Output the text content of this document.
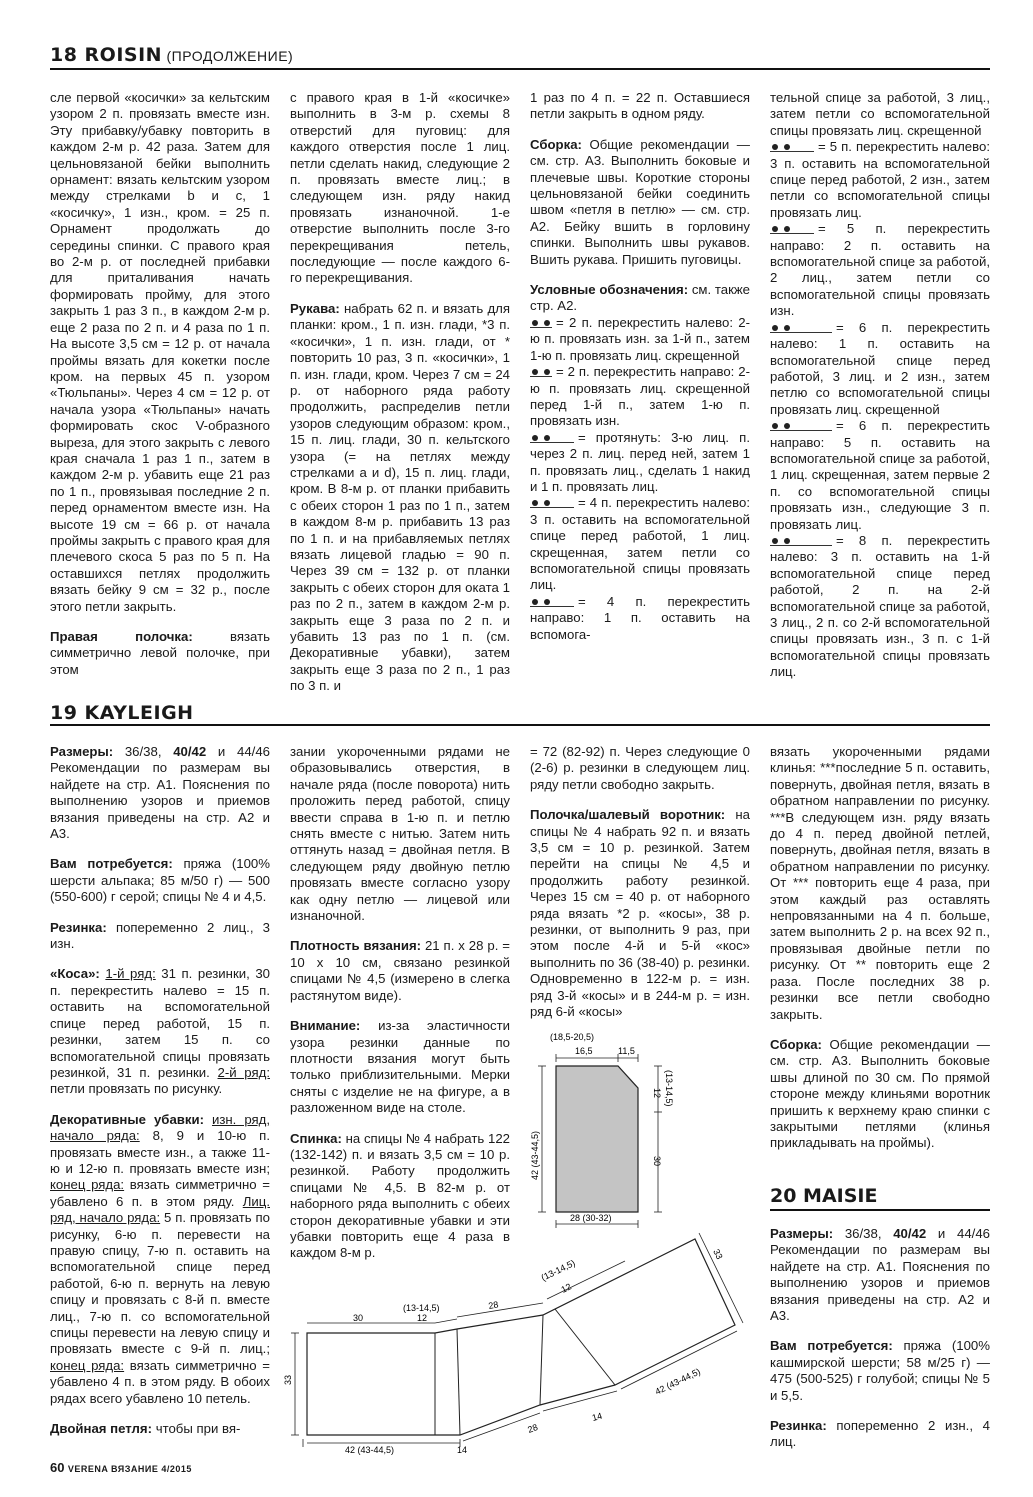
18 ROISIN (ПРОДОЛЖЕНИЕ)

сле первой «косички» за кельтским узором 2 п. провязать вместе изн. Эту прибавку/убавку повторить в каждом 2-м р. 42 раза. Затем для цельновязаной бейки выполнить орнамент: вязать кельтским узором между стрелками b и c, 1 «косичку», 1 изн., кром. = 25 п. Орнамент продолжать до середины спинки. С правого края во 2-м р. от последней прибавки для приталивания начать формировать пройму, для этого закрыть 1 раз 3 п., в каждом 2-м р. еще 2 раза по 2 п. и 4 раза по 1 п. На высоте 3,5 см = 12 р. от начала проймы вязать для кокетки после кром. на первых 45 п. узором «Тюльпаны». Через 4 см = 12 р. от начала узора «Тюльпаны» начать формировать скос V-образного выреза, для этого закрыть с левого края сначала 1 раз 1 п., затем в каждом 2-м р. убавить еще 21 раз по 1 п., провязывая последние 2 п. перед орнаментом вместе изн. На высоте 19 см = 66 р. от начала проймы закрыть с правого края для плечевого скоса 5 раз по 5 п. На оставшихся петлях продолжить вязать бейку 9 см = 32 р., после этого петли закрыть.

Правая полочка: вязать симметрично левой полочке, при этом

с правого края в 1-й «косичке» выполнить в 3-м р. схемы 8 отверстий для пуговиц: для каждого отверстия после 1 лиц. петли сделать накид, следующие 2 п. провязать вместе лиц.; в следующем изн. ряду накид провязать изнаночной. 1-е отверстие выполнить после 3-го перекрещивания петель, последующие — после каждого 6-го перекрещивания.

Рукава: набрать 62 п. и вязать для планки: кром., 1 п. изн. глади, *3 п. «косички», 1 п. изн. глади, от * повторить 10 раз, 3 п. «косички», 1 п. изн. глади, кром. Через 7 см = 24 р. от наборного ряда работу продолжить, распределив петли узоров следующим образом: кром., 15 п. лиц. глади, 30 п. кельтского узора (= на петлях между стрелками a и d), 15 п. лиц. глади, кром. В 8-м р. от планки прибавить с обеих сторон 1 раз по 1 п., затем в каждом 8-м р. прибавить 13 раз по 1 п. и на прибавляемых петлях вязать лицевой гладью = 90 п. Через 39 см = 132 р. от планки закрыть с обеих сторон для оката 1 раз по 2 п., затем в каждом 2-м р. закрыть еще 3 раза по 2 п. и убавить 13 раз по 1 п. (см. Декоративные убавки), затем закрыть еще 3 раза по 2 п., 1 раз по 3 п. и

1 раз по 4 п. = 22 п. Оставшиеся петли закрыть в одном ряду.

Сборка: Общие рекомендации — см. стр. А3. Выполнить боковые и плечевые швы. Короткие стороны цельновязаной бейки соединить швом «петля в петлю» — см. стр. А2. Бейку вшить в горловину спинки. Выполнить швы рукавов. Вшить рукава. Пришить пуговицы.

Условные обозначения: см. также стр. А2.

= 2 п. перекрестить налево: 2-ю п. провязать изн. за 1-й п., затем 1-ю п. провязать лиц. скрещенной

= 2 п. перекрестить направо: 2-ю п. провязать лиц. скрещенной перед 1-й п., затем 1-ю п. провязать изн.

= протянуть: 3-ю лиц. п. через 2 п. лиц. перед ней, затем 1 п. провязать лиц., сделать 1 накид и 1 п. провязать лиц.

= 4 п. перекрестить налево: 3 п. оставить на вспомогательной спице перед работой, 1 лиц. скрещенная, затем петли со вспомогательной спицы провязать лиц.

= 4 п. перекрестить направо: 1 п. оставить на вспомога-

тельной спице за работой, 3 лиц., затем петли со вспомогательной спицы провязать лиц. скрещенной

= 5 п. перекрестить налево: 3 п. оставить на вспомогательной спице перед работой, 2 изн., затем петли со вспомогательной спицы провязать лиц.

= 5 п. перекрестить направо: 2 п. оставить на вспомогательной спице за работой, 2 лиц., затем петли со вспомогательной спицы провязать изн.

= 6 п. перекрестить налево: 1 п. оставить на вспомогательной спице перед работой, 3 лиц. и 2 изн., затем петлю со вспомогательной спицы провязать лиц. скрещенной

= 6 п. перекрестить направо: 5 п. оставить на вспомогательной спице за работой, 1 лиц. скрещенная, затем первые 2 п. со вспомогательной спицы провязать изн., следующие 3 п. провязать лиц.

= 8 п. перекрестить налево: 3 п. оставить на 1-й вспомогательной спице перед работой, 2 п. на 2-й вспомогательной спице за работой, 3 лиц., 2 п. со 2-й вспомогательной спицы провязать изн., 3 п. с 1-й вспомогательной спицы провязать лиц.

19 KAYLEIGH

Размеры: 36/38, 40/42 и 44/46 Рекомендации по размерам вы найдете на стр. А1. Пояснения по выполнению узоров и приемов вязания приведены на стр. А2 и А3.

Вам потребуется: пряжа (100% шерсти альпака; 85 м/50 г) — 500 (550-600) г серой; спицы № 4 и 4,5.

Резинка: попеременно 2 лиц., 3 изн.

«Коса»: 1-й ряд: 31 п. резинки, 30 п. перекрестить налево = 15 п. оставить на вспомогательной спице перед работой, 15 п. резинки, затем 15 п. со вспомогательной спицы провязать резинкой, 31 п. резинки. 2-й ряд: петли провязать по рисунку.

Декоративные убавки: изн. ряд, начало ряда: 8, 9 и 10-ю п. провязать вместе изн., а также 11-ю и 12-ю п. провязать вместе изн; конец ряда: вязать симметрично = убавлено 6 п. в этом ряду. Лиц. ряд, начало ряда: 5 п. провязать по рисунку, 6-ю п. перевести на правую спицу, 7-ю п. оставить на вспомогательной спице перед работой, 6-ю п. вернуть на левую спицу и провязать с 8-й п. вместе лиц., 7-ю п. со вспомогательной спицы перевести на левую спицу и провязать вместе с 9-й п. лиц.; конец ряда: вязать симметрично = убавлено 4 п. в этом ряду. В обоих рядах всего убавлено 10 петель.

Двойная петля: чтобы при вя-

зании укороченными рядами не образовывались отверстия, в начале ряда (после поворота) нить проложить перед работой, спицу ввести справа в 1-ю п. и петлю снять вместе с нитью. Затем нить оттянуть назад = двойная петля. В следующем ряду двойную петлю провязать вместе согласно узору как одну петлю — лицевой или изнаночной.

Плотность вязания: 21 п. х 28 р. = 10 х 10 см, связано резинкой спицами № 4,5 (измерено в слегка растянутом виде).

Внимание: из-за эластичности узора резинки данные по плотности вязания могут быть только приблизительными. Мерки сняты с изделие не на фигуре, а в разложенном виде на столе.

Спинка: на спицы № 4 набрать 122 (132-142) п. и вязать 3,5 см = 10 р. резинкой. Работу продолжить спицами № 4,5. В 82-м р. от наборного ряда выполнить с обеих сторон декоративные убавки и эти убавки повторить еще 4 раза в каждом 8-м р.

= 72 (82-92) п. Через следующие 0 (2-6) р. резинки в следующем лиц. ряду петли свободно закрыть.

Полочка/шалевый воротник: на спицы № 4 набрать 92 п. и вязать 3,5 см = 10 р. резинкой. Затем перейти на спицы № 4,5 и продолжить работу резинкой. Через 15 см = 40 р. от наборного ряда вязать *2 р. «косы», 38 р. резинки, от выполнить 9 раз, при этом после 4-й и 5-й «кос» выполнить по 36 (38-40) р. резинки. Одновременно в 122-м р. = изн. ряд 3-й «косы» и в 244-м р. = изн. ряд 6-й «косы»

вязать укороченными рядами клинья: ***последние 5 п. оставить, повернуть, двойная петля, вязать в обратном направлении по рисунку. ***В следующем изн. ряду вязать до 4 п. перед двойной петлей, повернуть, двойная петля, вязать в обратном направлении по рисунку. От *** повторить еще 4 раза, при этом каждый раз оставлять непровязанными на 4 п. больше, затем выполнить 2 р. на всех 92 п., провязывая двойные петли по рисунку. От ** повторить еще 2 раза. После последних 38 р. резинки все петли свободно закрыть.

Сборка: Общие рекомендации — см. стр. А3. Выполнить боковые швы длиной по 30 см. По прямой стороне между клиньями воротник пришить к верхнему краю спинки с закрытыми петлями (клинья прикладывать на проймы).

20 MAISIE

Размеры: 36/38, 40/42 и 44/46 Рекомендации по размерам вы найдете на стр. А1. Пояснения по выполнению узоров и приемов вязания приведены на стр. А2 и А3.

Вам потребуется: пряжа (100% кашмирской шерсти; 58 м/25 г) — 475 (500-525) г голубой; спицы № 5 и 5,5.

Резинка: попеременно 2 изн., 4 лиц.

(18,5-20,5)
16,5	11,5
12 (13-14,5)
30
42 (43-44,5)
28 (30-32)
33
30
(13-14,5)
12
28
(13-14,5)
12
33
42 (43-44,5)	14
28
14
42 (43-44,5)
60 VERENA ВЯЗАНИЕ 4/2015
